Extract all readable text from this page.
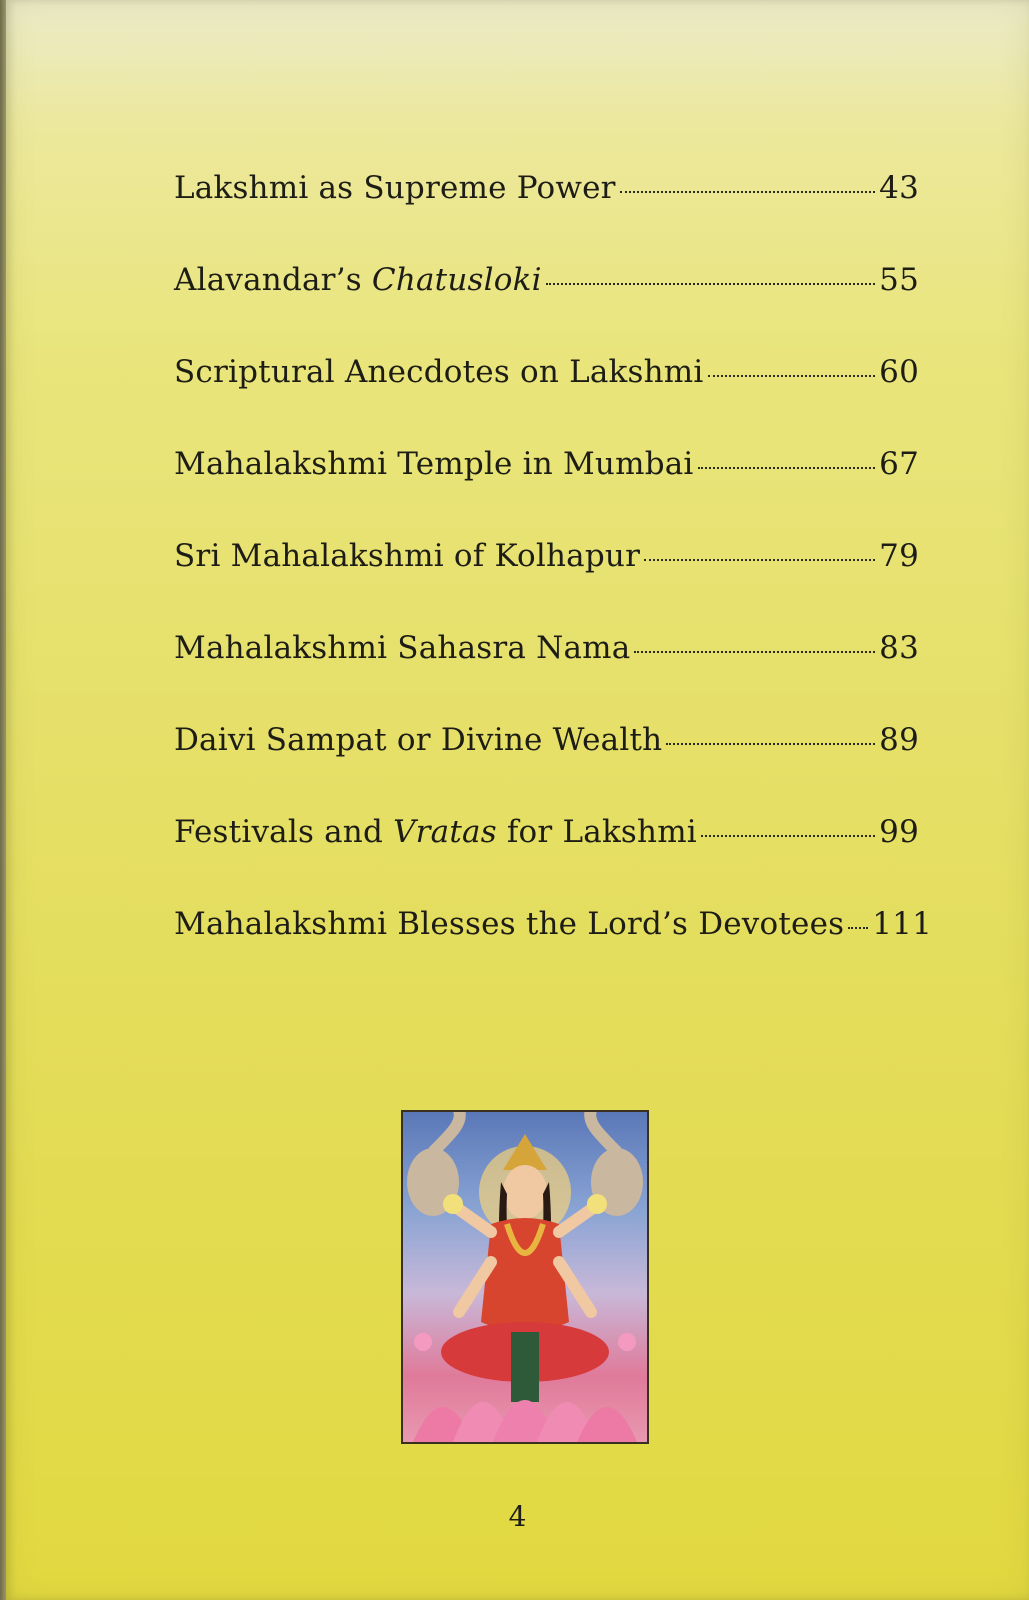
Lakshmi as Supreme Power	43
Alavandar’s Chatusloki	55
Scriptural Anecdotes on Lakshmi	60
Mahalakshmi Temple in Mumbai	67
Sri Mahalakshmi of Kolhapur	79
Mahalakshmi Sahasra Nama	83
Daivi Sampat or Divine Wealth	89
Festivals and Vratas for Lakshmi	99
Mahalakshmi Blesses the Lord’s Devotees 111
4
